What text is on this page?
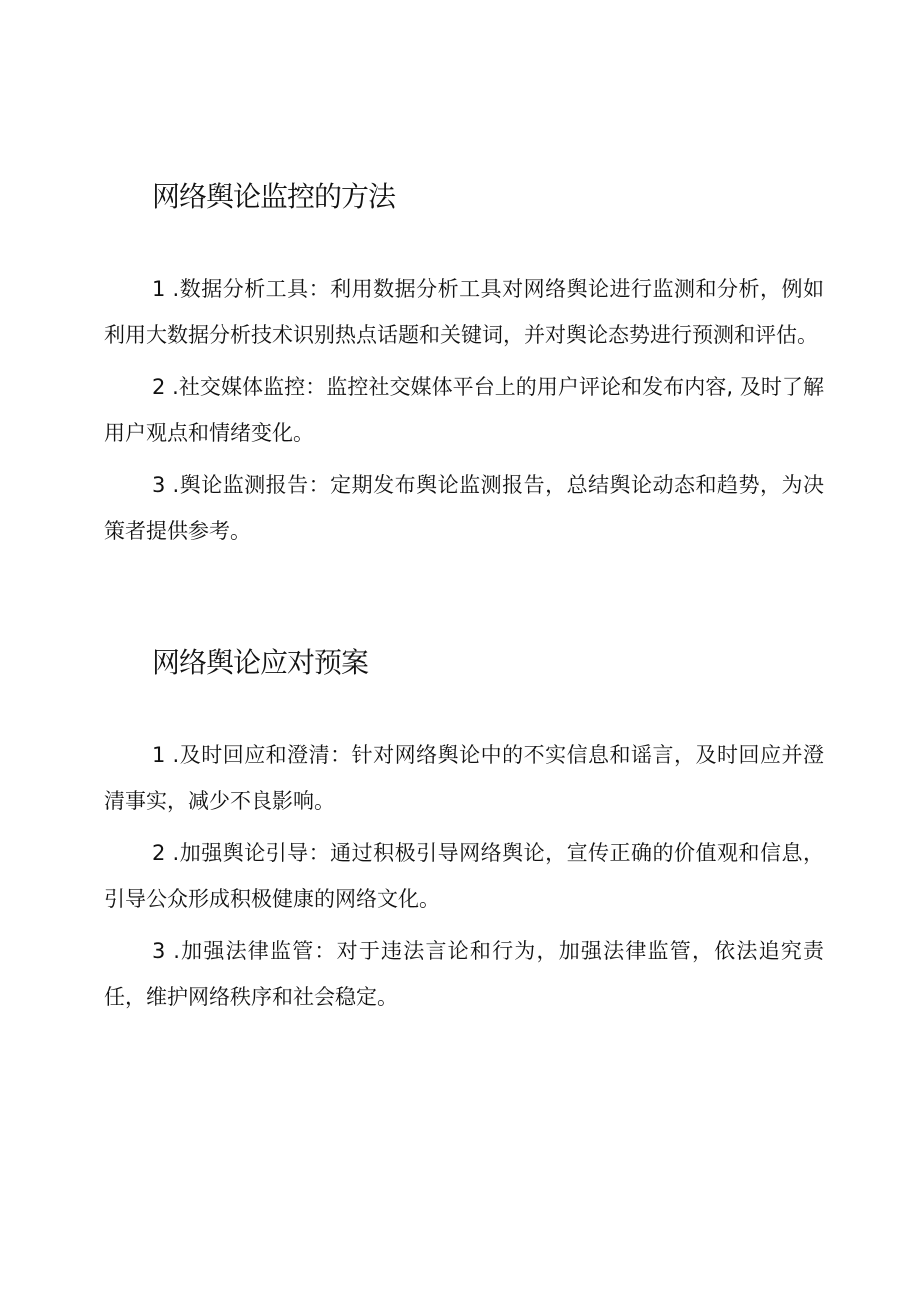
网络舆论监控的方法

1 .数据分析工具：利用数据分析工具对网络舆论进行监测和分析，例如利用大数据分析技术识别热点话题和关键词，并对舆论态势进行预测和评估。

2 .社交媒体监控：监控社交媒体平台上的用户评论和发布内容, 及时了解用户观点和情绪变化。

3 .舆论监测报告：定期发布舆论监测报告，总结舆论动态和趋势，为决策者提供参考。

网络舆论应对预案

1 .及时回应和澄清：针对网络舆论中的不实信息和谣言，及时回应并澄清事实，减少不良影响。

2 .加强舆论引导：通过积极引导网络舆论，宣传正确的价值观和信息，引导公众形成积极健康的网络文化。

3 .加强法律监管：对于违法言论和行为，加强法律监管，依法追究责任，维护网络秩序和社会稳定。
